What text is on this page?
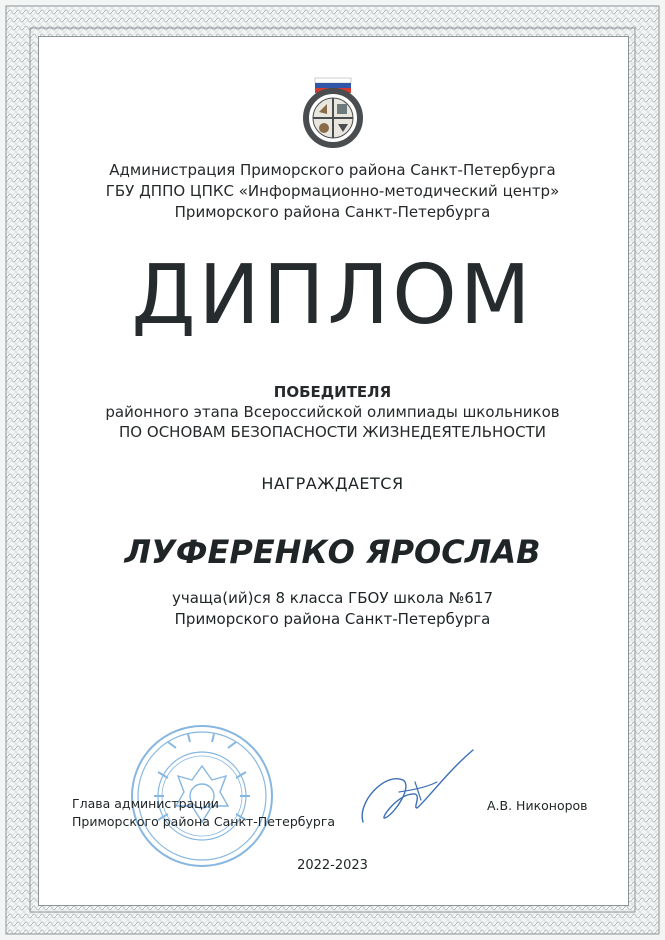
Администрация Приморского района Санкт-Петербурга
ГБУ ДППО ЦПКС «Информационно-методический центр»
Приморского района Санкт-Петербурга
ДИПЛОМ
ПОБЕДИТЕЛЯ
районного этапа Всероссийской олимпиады школьников
ПО ОСНОВАМ БЕЗОПАСНОСТИ ЖИЗНЕДЕЯТЕЛЬНОСТИ
НАГРАЖДАЕТСЯ
ЛУФЕРЕНКО ЯРОСЛАВ
учаща(ий)ся 8 класса ГБОУ школа №617
Приморского района Санкт-Петербурга
Глава администрации
Приморского района Санкт-Петербурга
А.В. Никоноров
2022-2023
